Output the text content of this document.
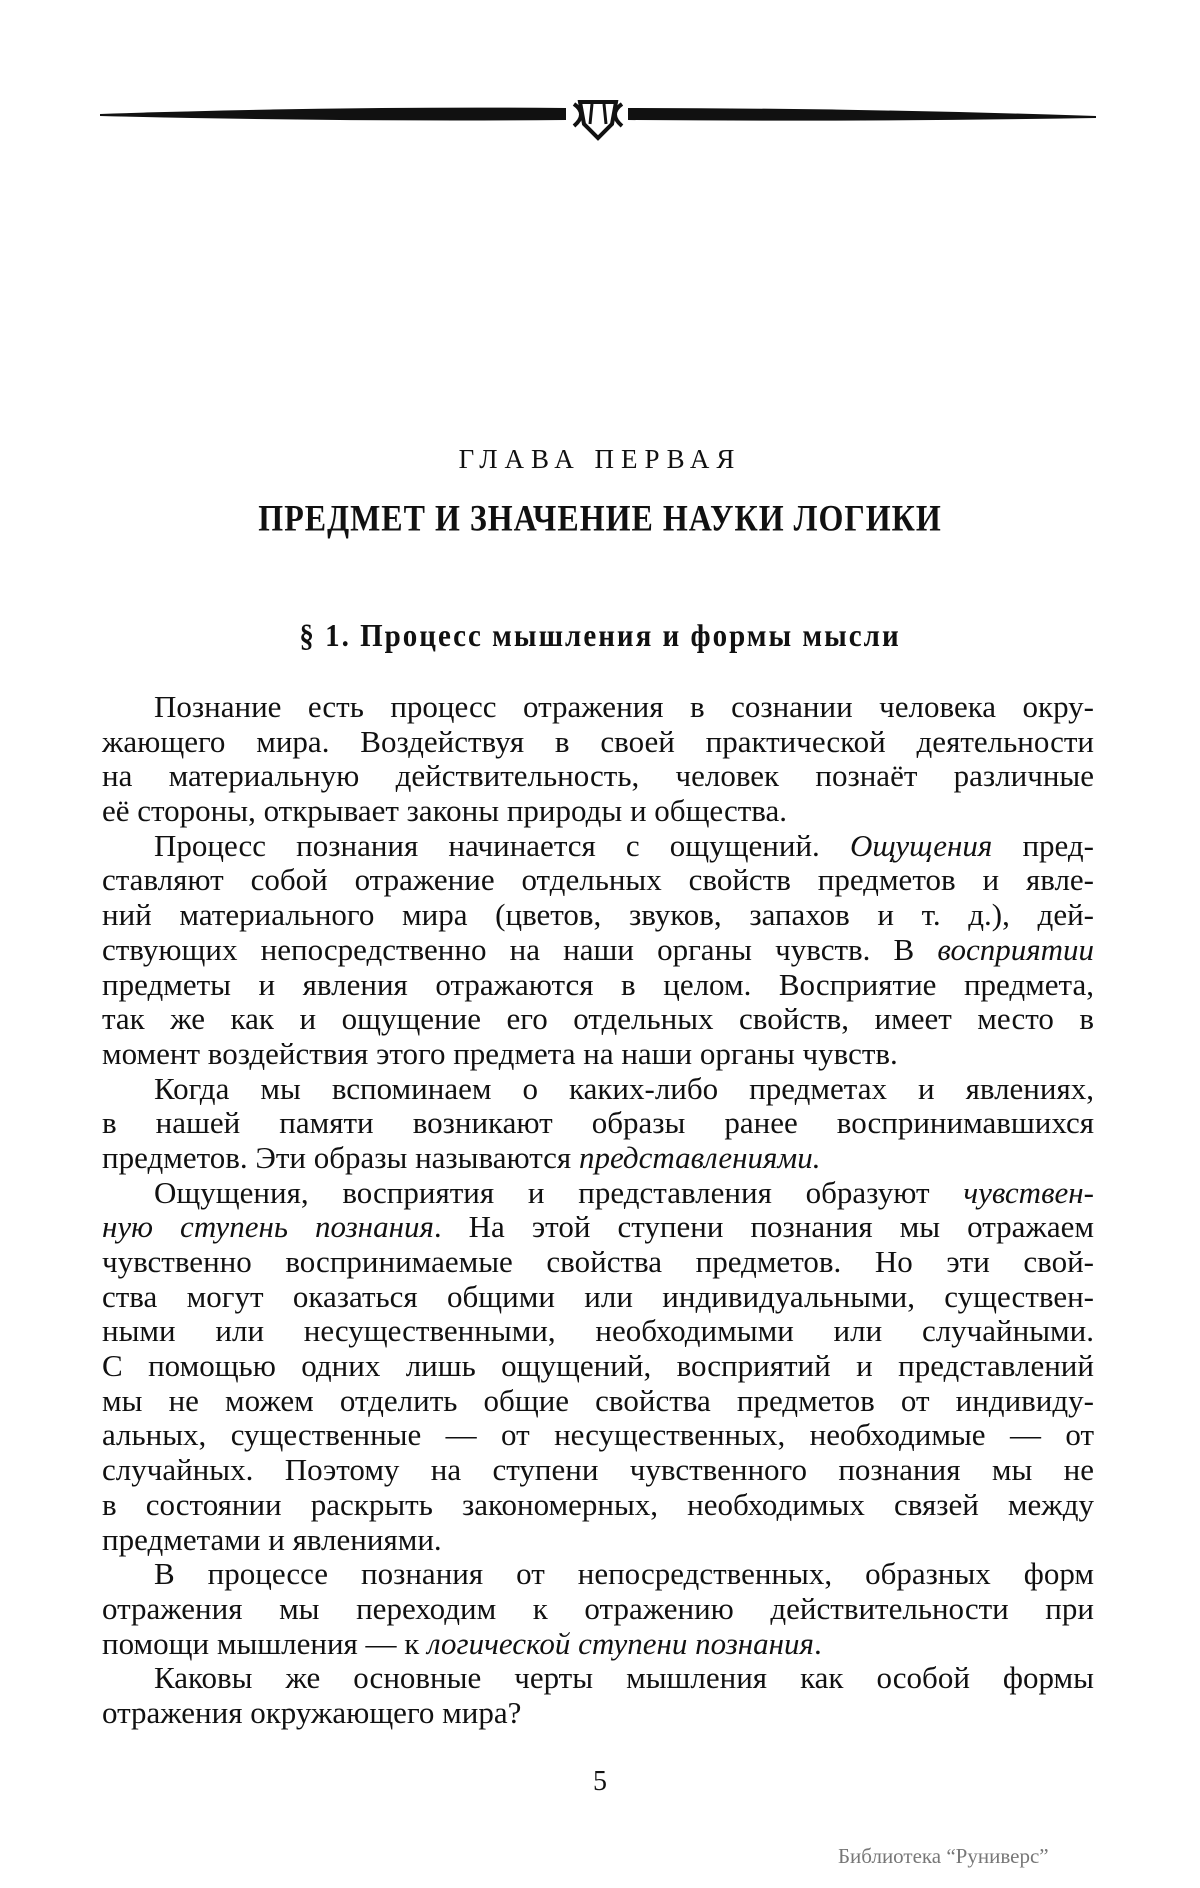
ГЛАВА ПЕРВАЯ
ПРЕДМЕТ И ЗНАЧЕНИЕ НАУКИ ЛОГИКИ
§ 1. Процесс мышления и формы мысли
Познание есть процесс отражения в сознании человека окру-
жающего мира. Воздействуя в своей практической деятельности
на материальную действительность, человек познаёт различные
её стороны, открывает законы природы и общества.
Процесс познания начинается с ощущений. Ощущения пред-
ставляют собой отражение отдельных свойств предметов и явле-
ний материального мира (цветов, звуков, запахов и т. д.), дей-
ствующих непосредственно на наши органы чувств. В восприятии
предметы и явления отражаются в целом. Восприятие предмета,
так же как и ощущение его отдельных свойств, имеет место в
момент воздействия этого предмета на наши органы чувств.
Когда мы вспоминаем о каких-либо предметах и явлениях,
в нашей памяти возникают образы ранее воспринимавшихся
предметов. Эти образы называются представлениями.
Ощущения, восприятия и представления образуют чувствен-
ную ступень познания. На этой ступени познания мы отражаем
чувственно воспринимаемые свойства предметов. Но эти свой-
ства могут оказаться общими или индивидуальными, существен-
ными или несущественными, необходимыми или случайными.
С помощью одних лишь ощущений, восприятий и представлений
мы не можем отделить общие свойства предметов от индивиду-
альных, существенные — от несущественных, необходимые — от
случайных. Поэтому на ступени чувственного познания мы не
в состоянии раскрыть закономерных, необходимых связей между
предметами и явлениями.
В процессе познания от непосредственных, образных форм
отражения мы переходим к отражению действительности при
помощи мышления — к логической ступени познания.
Каковы же основные черты мышления как особой формы
отражения окружающего мира?
5
Библиотека “Руниверс”
